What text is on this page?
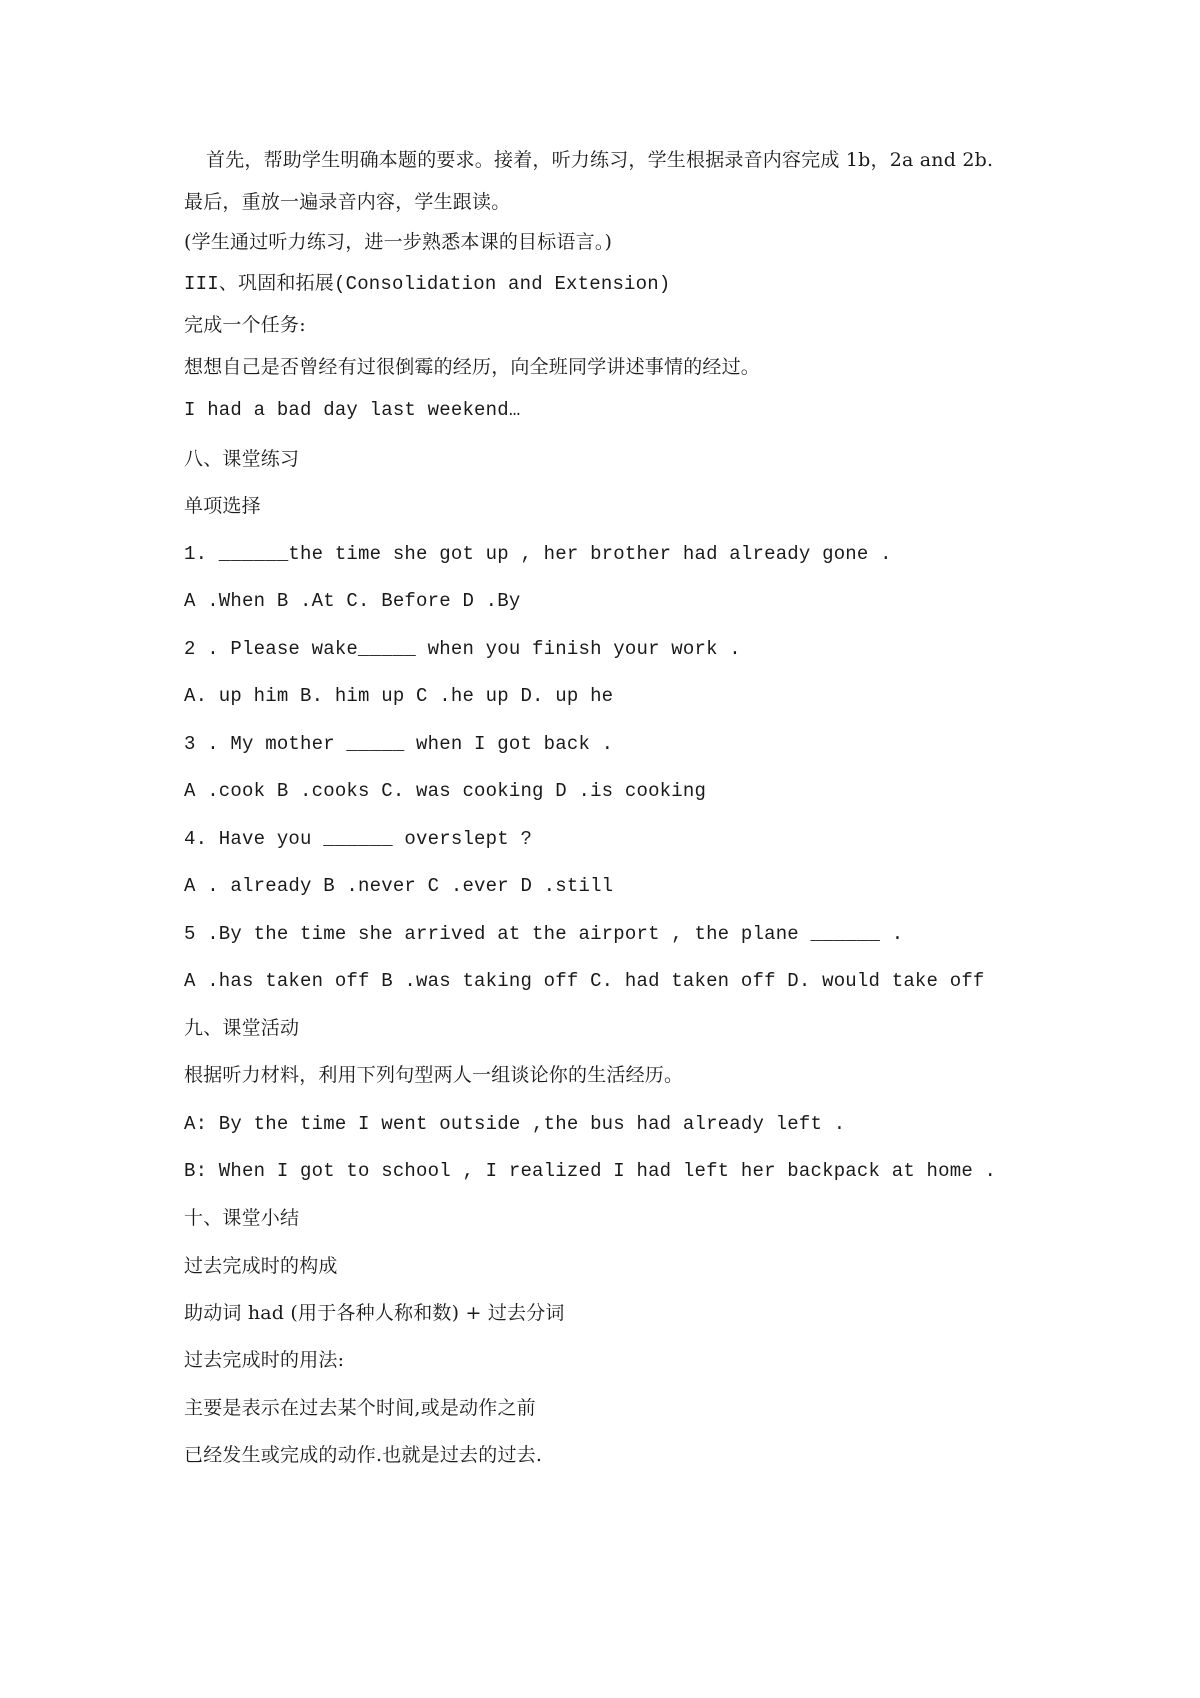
首先，帮助学生明确本题的要求。接着，听力练习，学生根据录音内容完成 1b，2a and 2b.
最后，重放一遍录音内容，学生跟读。
(学生通过听力练习，进一步熟悉本课的目标语言。)
III、巩固和拓展(Consolidation and Extension)
完成一个任务:
想想自己是否曾经有过很倒霉的经历，向全班同学讲述事情的经过。
I had a bad day last weekend…
八、课堂练习
单项选择
1. ______the time she got up , her brother had already gone .
A .When B .At C. Before D .By
2 . Please wake_____ when you finish your work .
A. up him B. him up C .he up D. up he
3 . My mother _____ when I got back .
A .cook B .cooks C. was cooking D .is cooking
4. Have you ______ overslept ?
A . already B .never C .ever D .still
5 .By the time she arrived at the airport , the plane ______ .
A .has taken off B .was taking off C. had taken off D. would take off
九、课堂活动
根据听力材料，利用下列句型两人一组谈论你的生活经历。
A: By the time I went outside ,the bus had already left .
B: When I got to school , I realized I had left her backpack at home .
十、课堂小结
过去完成时的构成
助动词 had (用于各种人称和数) + 过去分词
过去完成时的用法:
主要是表示在过去某个时间,或是动作之前
已经发生或完成的动作.也就是过去的过去.
